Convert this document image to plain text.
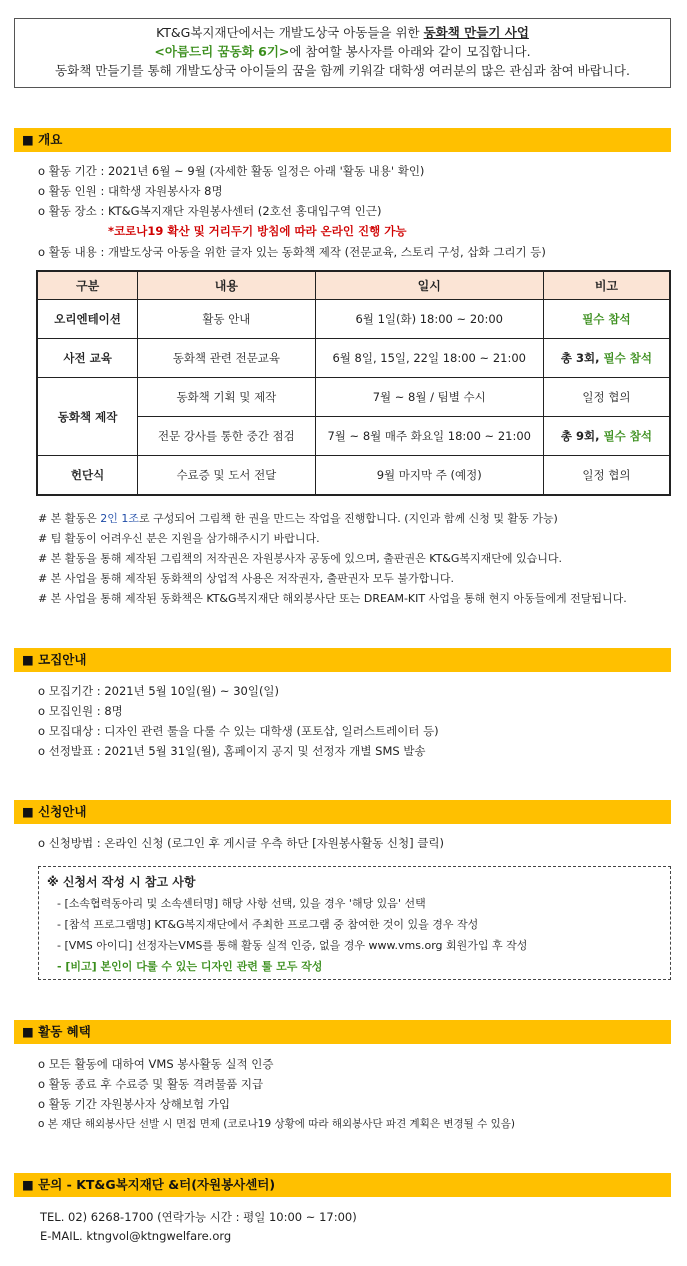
KT&G복지재단에서는 개발도상국 아동들을 위한 동화책 만들기 사업
<아름드리 꿈동화 6기>에 참여할 봉사자를 아래와 같이 모집합니다.
동화책 만들기를 통해 개발도상국 아이들의 꿈을 함께 키워갈 대학생 여러분의 많은 관심과 참여 바랍니다.
■ 개요
o 활동 기간 : 2021년 6월 ~ 9월 (자세한 활동 일정은 아래 '활동 내용' 확인)
o 활동 인원 : 대학생 자원봉사자 8명
o 활동 장소 : KT&G복지재단 자원봉사센터 (2호선 홍대입구역 인근)
*코로나19 확산 및 거리두기 방침에 따라 온라인 진행 가능
o 활동 내용 : 개발도상국 아동을 위한 글자 있는 동화책 제작 (전문교육, 스토리 구성, 삽화 그리기 등)
구분	내용	일시	비고
오리엔테이션	활동 안내	6월 1일(화) 18:00 ~ 20:00	필수 참석
사전 교육	동화책 관련 전문교육	6월 8일, 15일, 22일 18:00 ~ 21:00	총 3회, 필수 참석
동화책 제작	동화책 기획 및 제작	7월 ~ 8월 / 팀별 수시	일정 협의
	전문 강사를 통한 중간 점검	7월 ~ 8월 매주 화요일 18:00 ~ 21:00	총 9회, 필수 참석
헌단식	수료증 및 도서 전달	9월 마지막 주 (예정)	일정 협의
# 본 활동은 2인 1조로 구성되어 그림책 한 권을 만드는 작업을 진행합니다. (지인과 함께 신청 및 활동 가능)
# 팀 활동이 어려우신 분은 지원을 삼가해주시기 바랍니다.
# 본 활동을 통해 제작된 그림책의 저작권은 자원봉사자 공동에 있으며, 출판권은 KT&G복지재단에 있습니다.
# 본 사업을 통해 제작된 동화책의 상업적 사용은 저작권자, 출판권자 모두 불가합니다.
# 본 사업을 통해 제작된 동화책은 KT&G복지재단 해외봉사단 또는 DREAM-KIT 사업을 통해 현지 아동들에게 전달됩니다.
■ 모집안내
o 모집기간 : 2021년 5월 10일(월) ~ 30일(일)
o 모집인원 : 8명
o 모집대상 : 디자인 관련 툴을 다룰 수 있는 대학생 (포토샵, 일러스트레이터 등)
o 선정발표 : 2021년 5월 31일(월), 홈페이지 공지 및 선정자 개별 SMS 발송
■ 신청안내
o 신청방법 : 온라인 신청 (로그인 후 게시글 우측 하단 [자원봉사활동 신청] 클릭)
※ 신청서 작성 시 참고 사항
- [소속협력동아리 및 소속센터명] 해당 사항 선택, 있을 경우 '해당 있음' 선택
- [참석 프로그램명] KT&G복지재단에서 주최한 프로그램 중 참여한 것이 있을 경우 작성
- [VMS 아이디] 선정자는VMS를 통해 활동 실적 인증, 없을 경우 www.vms.org 회원가입 후 작성
- [비고] 본인이 다룰 수 있는 디자인 관련 툴 모두 작성
■ 활동 혜택
o 모든 활동에 대하여 VMS 봉사활동 실적 인증
o 활동 종료 후 수료증 및 활동 격려물품 지급
o 활동 기간 자원봉사자 상해보험 가입
o 본 재단 해외봉사단 선발 시 면접 면제 (코로나19 상황에 따라 해외봉사단 파견 계획은 변경될 수 있음)
■ 문의 - KT&G복지재단 &터(자원봉사센터)
TEL. 02) 6268-1700 (연락가능 시간 : 평일 10:00 ~ 17:00)
E-MAIL. ktngvol@ktngwelfare.org
